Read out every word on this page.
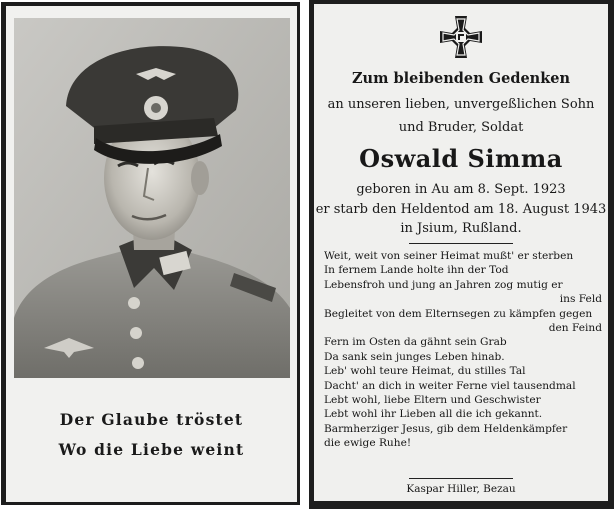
Der Glaube tröstet
Wo die Liebe weint
Zum bleibenden Gedenken
an unseren lieben, unvergeßlichen Sohn
und Bruder, Soldat
Oswald Simma
geboren in Au am 8. Sept. 1923
er starb den Heldentod am 18. August 1943
in Jsium, Rußland.
Weit, weit von seiner Heimat mußt' er sterben
In fernem Lande holte ihn der Tod
Lebensfroh und jung an Jahren zog mutig er
ins Feld
Begleitet von dem Elternsegen zu kämpfen gegen
den Feind
Fern im Osten da gähnt sein Grab
Da sank sein junges Leben hinab.
Leb' wohl teure Heimat, du stilles Tal
Dacht' an dich in weiter Ferne viel tausendmal
Lebt wohl, liebe Eltern und Geschwister
Lebt wohl ihr Lieben all die ich gekannt.
Barmherziger Jesus, gib dem Heldenkämpfer
die ewige Ruhe!
Kaspar Hiller, Bezau
